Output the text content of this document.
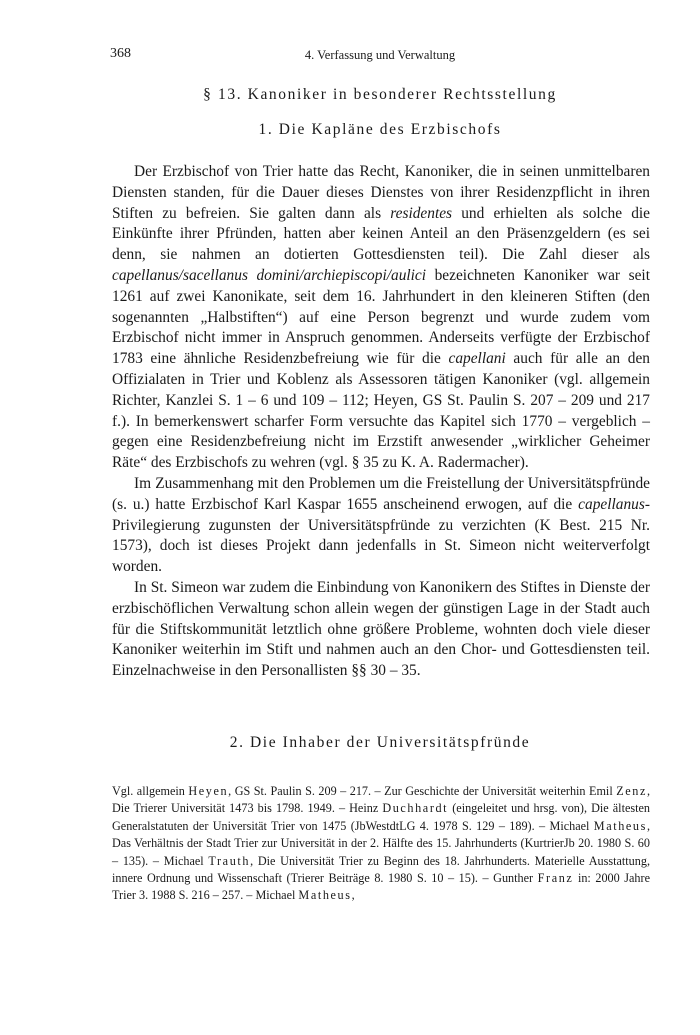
368	4. Verfassung und Verwaltung
§ 13. Kanoniker in besonderer Rechtsstellung
1. Die Kapläne des Erzbischofs

Der Erzbischof von Trier hatte das Recht, Kanoniker, die in seinen unmittelbaren Diensten standen, für die Dauer dieses Dienstes von ihrer Residenzpflicht in ihren Stiften zu befreien. Sie galten dann als residentes und erhielten als solche die Einkünfte ihrer Pfründen, hatten aber keinen Anteil an den Präsenzgeldern (es sei denn, sie nahmen an dotierten Gottesdiensten teil). Die Zahl dieser als capellanus/sacellanus domini/archiepiscopi/aulici bezeichneten Kanoniker war seit 1261 auf zwei Kanonikate, seit dem 16. Jahrhundert in den kleineren Stiften (den sogenannten „Halbstiften“) auf eine Person begrenzt und wurde zudem vom Erzbischof nicht immer in Anspruch genommen. Anderseits verfügte der Erzbischof 1783 eine ähnliche Residenzbefreiung wie für die capellani auch für alle an den Offizialaten in Trier und Koblenz als Assessoren tätigen Kanoniker (vgl. allgemein Richter, Kanzlei S. 1 – 6 und 109 – 112; Heyen, GS St. Paulin S. 207 – 209 und 217 f.). In bemerkenswert scharfer Form versuchte das Kapitel sich 1770 – vergeblich – gegen eine Residenzbefreiung nicht im Erzstift anwesender „wirklicher Geheimer Räte“ des Erzbischofs zu wehren (vgl. § 35 zu K. A. Radermacher).

Im Zusammenhang mit den Problemen um die Freistellung der Universitätspfründe (s. u.) hatte Erzbischof Karl Kaspar 1655 anscheinend erwogen, auf die capellanus-Privilegierung zugunsten der Universitätspfründe zu verzichten (K Best. 215 Nr. 1573), doch ist dieses Projekt dann jedenfalls in St. Simeon nicht weiterverfolgt worden.

In St. Simeon war zudem die Einbindung von Kanonikern des Stiftes in Dienste der erzbischöflichen Verwaltung schon allein wegen der günstigen Lage in der Stadt auch für die Stiftskommunität letztlich ohne größere Probleme, wohnten doch viele dieser Kanoniker weiterhin im Stift und nahmen auch an den Chor- und Gottesdiensten teil. Einzelnachweise in den Personallisten §§ 30 – 35.

2. Die Inhaber der Universitätspfründe

Vgl. allgemein Heyen, GS St. Paulin S. 209 – 217. – Zur Geschichte der Universität weiterhin Emil Zenz, Die Trierer Universität 1473 bis 1798. 1949. – Heinz Duchhardt (eingeleitet und hrsg. von), Die ältesten Generalstatuten der Universität Trier von 1475 (JbWestdtLG 4. 1978 S. 129 – 189). – Michael Matheus, Das Verhältnis der Stadt Trier zur Universität in der 2. Hälfte des 15. Jahrhunderts (KurtrierJb 20. 1980 S. 60 – 135). – Michael Trauth, Die Universität Trier zu Beginn des 18. Jahrhunderts. Materielle Ausstattung, innere Ordnung und Wissenschaft (Trierer Beiträge 8. 1980 S. 10 – 15). – Gunther Franz in: 2000 Jahre Trier 3. 1988 S. 216 – 257. – Michael Matheus,
